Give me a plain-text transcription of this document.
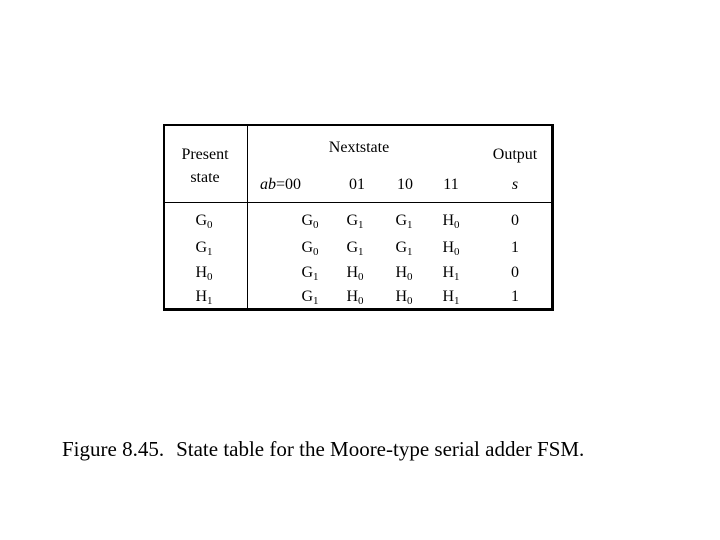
Present
state
Nextstate	Output
ab=00	01	10	11	s
$G_0$	$G_0$	$G_1$	$G_1$	$H_0$	0
$G_1$	$G_0$	$G_1$	$G_1$	$H_0$	1
$H_0$	$G_1$	$H_0$	$H_0$	$H_1$	0
$H_1$	$G_1$	$H_0$	$H_0$	$H_1$	1
Figure 8.45. State table for the Moore-type serial adder FSM.
